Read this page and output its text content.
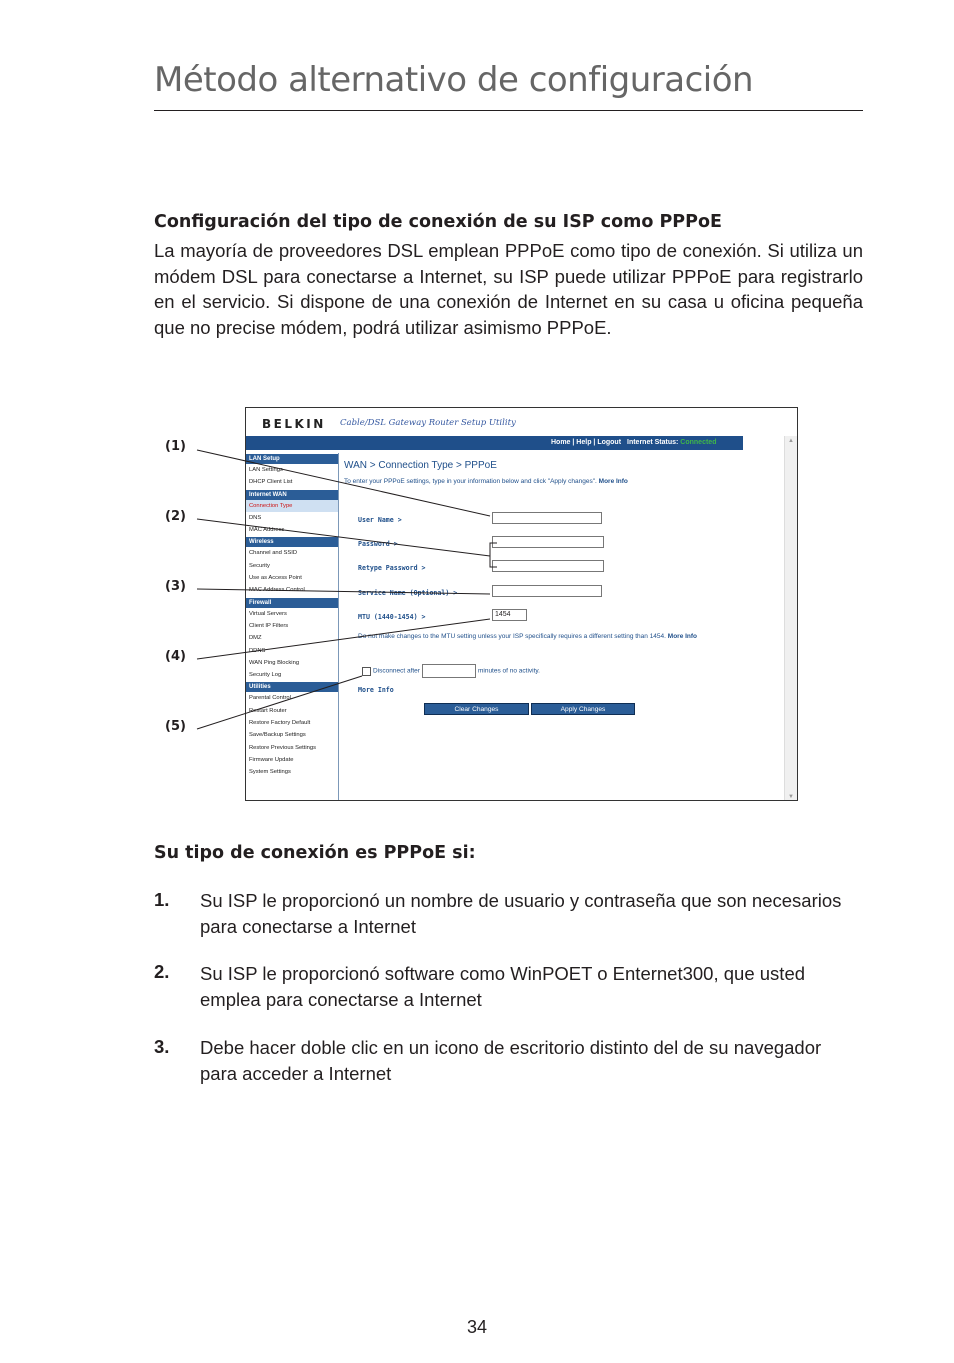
Método alternativo de configuración
Configuración del tipo de conexión de su ISP como PPPoE

La mayoría de proveedores DSL emplean PPPoE como tipo de conexión. Si utiliza un módem DSL para conectarse a Internet, su ISP puede utilizar PPPoE para registrarlo en el servicio. Si dispone de una conexión de Internet en su casa u oficina pequeña que no precise módem, podrá utilizar asimismo PPPoE.

BELKIN Cable/DSL Gateway Router Setup Utility
Home | Help | Logout Internet Status: Connected
LAN Setup
LAN Settings
DHCP Client List
Internet WAN
Connection Type
DNS
MAC Address
Wireless
Channel and SSID
Security
Use as Access Point
MAC Address Control
Firewall
Virtual Servers
Client IP Filters
DMZ
DDNS
WAN Ping Blocking
Security Log
Utilities
Parental Control
Restart Router
Restore Factory Default
Save/Backup Settings
Restore Previous Settings
Firmware Update
System Settings

WAN > Connection Type > PPPoE

To enter your PPPoE settings, type in your information below and click "Apply changes". More Info

User Name >
Password >
Retype Password >
Service Name (Optional) >
MTU (1440-1454) >	1454
Do not make changes to the MTU setting unless your ISP specifically requires a different setting than 1454. More Info
Disconnect after	minutes of no activity.
More Info
Clear Changes	Apply Changes
▲
▼
(1)
(2)
(3)
(4)
(5)
Su tipo de conexión es PPPoE si:
1. Su ISP le proporcionó un nombre de usuario y contraseña que son necesarios para conectarse a Internet

2. Su ISP le proporcionó software como WinPOET o Enternet300, que usted emplea para conectarse a Internet

3. Debe hacer doble clic en un icono de escritorio distinto del de su navegador para acceder a Internet

34
